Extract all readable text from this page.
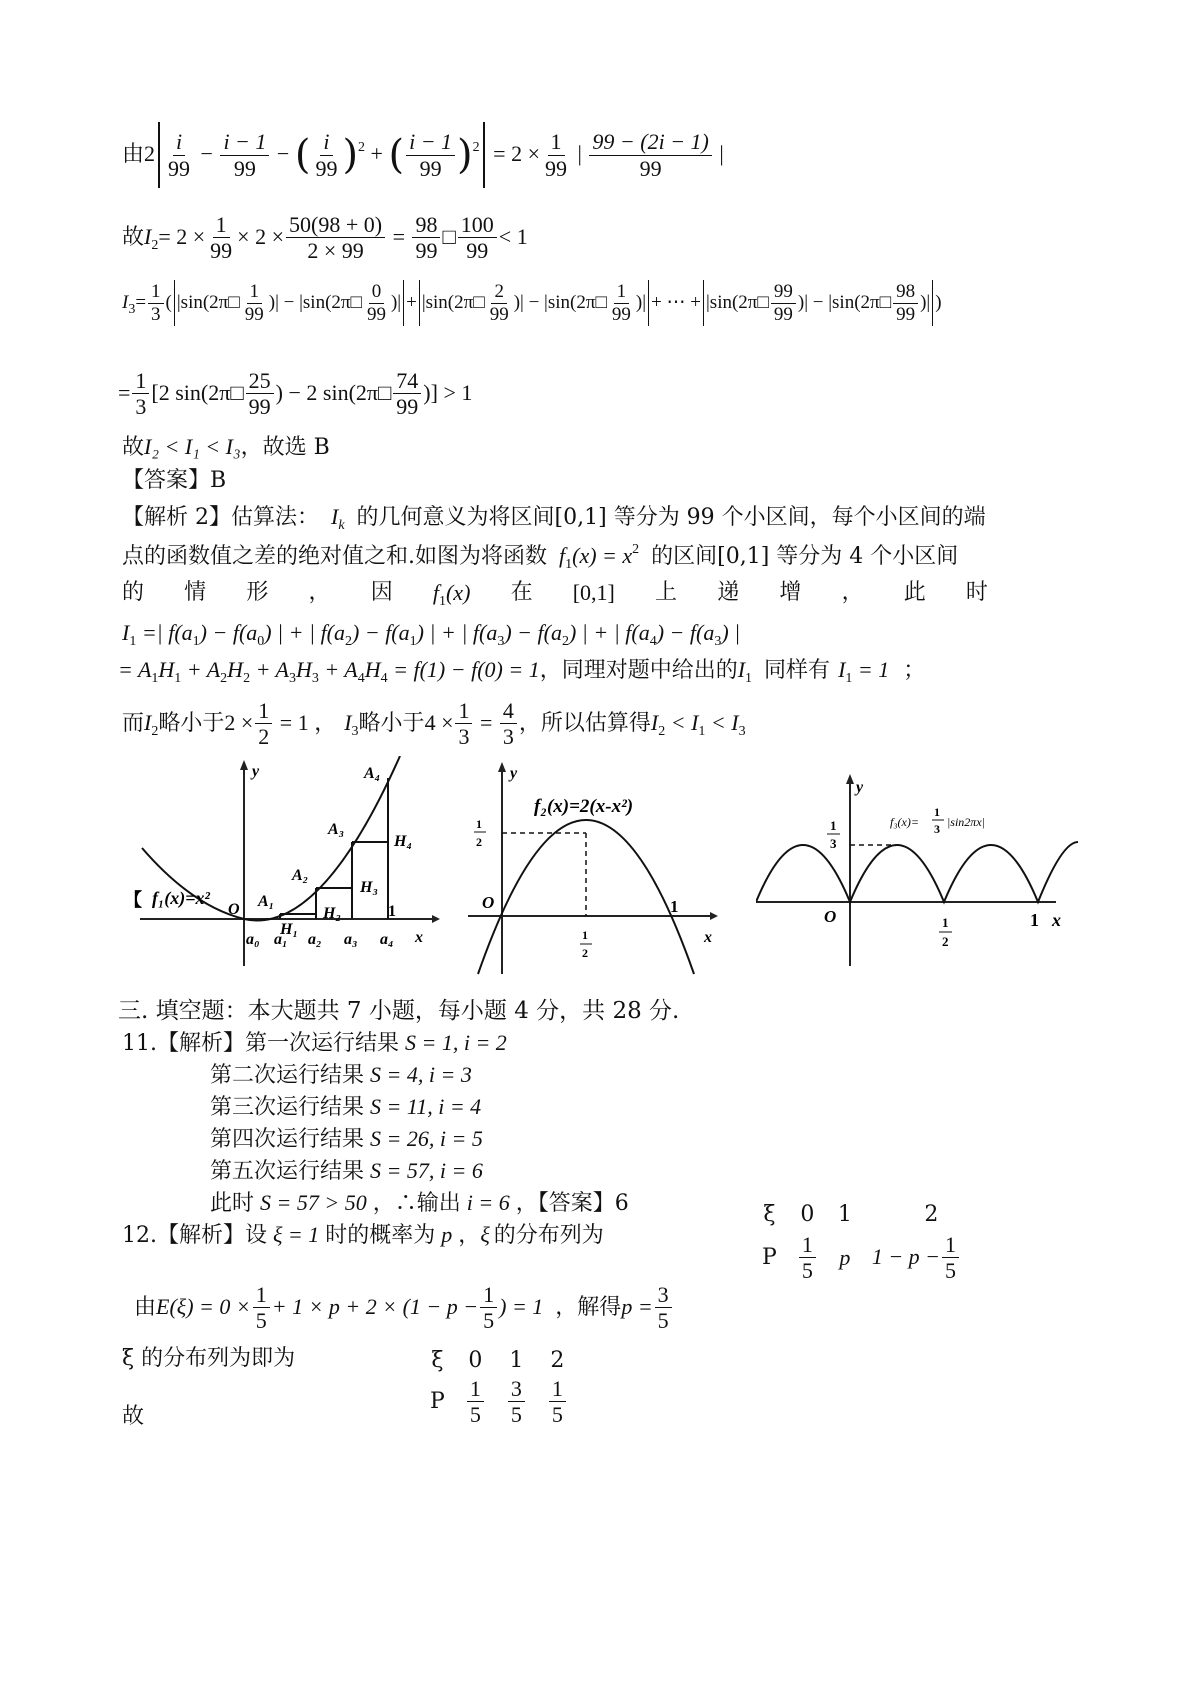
由$2 \frac{i}{99} - \frac{i - 1}{99}$ − ( $\frac{i}{99} )^2$ + ( $\frac{i - 1}{99} )^2 = 2 \times \frac{1}{99}$ | $\frac{99 - (2i - 1)}{99}$ |
故$I_2= 2 \times \frac{1}{99} \times 2 \times \frac{50(98 + 0)}{2 \times 99} = \frac{98}{99}$ □ $\frac{100}{99} < 1$
$I_3= \frac{1}{3}$ ( |sin(2π□ $\frac{1}{99}$ )| − |sin(2π□ $\frac{0}{99}$ )| + |sin(2π□ $\frac{2}{99}$ )| − |sin(2π□ $\frac{1}{99}$ )| + ⋯ + |sin(2π□ $\frac{99}{99}$ )| − |sin(2π□ $\frac{98}{99}$ )| )
= $\frac{1}{3} [2$ sin(2π□ $\frac{25}{99}$ ) − 2 sin(2π□ $\frac{74}{99}$ )] > 1
故I₂ < I₁ < I₃，故选 B
【答案】B
【解析 2】估算法： $I_k$ 的几何意义为将区间[0,1] 等分为 99 个小区间，每个小区间的端
点的函数值之差的绝对值之和.如图为将函数 $f_1(x) = x^2$ 的区间[0,1] 等分为 4 个小区间
的 情 形 ， 因 $f_1(x)$ 在 [0,1] 上 递 增 ， 此 时
$I_1$ =| $f(a_1) - f(a_0)$ | + | $f(a_2) - f(a_1)$ | + | $f(a_3) - f(a_2)$ | + | $f(a_4) - f(a_3)$ |
= $A_1H_1 + A_2H_2 + A_3H_3 + A_4H_4 = f(1) - f(0) = 1$，同理对题中给出的$I_1$ 同样有 $I_1 = 1$ ；
而$I_2$略小于$2 \times \frac{1}{2} = 1$ ， $I_3$略小于$4 \times \frac{1}{3} = \frac{4}{3}$ ，所以估算得$I_2 < I_1 < I_3$
【 f₁(x)=x²
y
x
O A₁
A₂
A₃
A₄
H₁
H₂
H₃
H₄
1
a₀ a₁ a₂ a₃ a₄
f₂(x)=2(x-x²)
y
x
O	1
1
2
1
2
y
x
O	1
1
3
1
2
f₃(x)=
1
3 |sin2πx|
三. 填空题：本大题共 7 小题，每小题 4 分，共 28 分.
11.【解析】第一次运行结果 S = 1, i = 2
第二次运行结果 S = 4, i = 3
第三次运行结果 S = 11, i = 4
第四次运行结果 S = 26, i = 5
第五次运行结果 S = 57, i = 6
此时 S = 57 > 50 ，∴输出 i = 6 ，【答案】6
12.【解析】设 ξ = 1 时的概率为 p ，ξ 的分布列为
由$E(\xi) = 0 \times \frac{1}{5} + 1 \times p + 2 \times (1 - p - \frac{1}{5}$ ) = 1 ，解得$p = \frac{3}{5}$
ξ 的分布列为即为
故
ξ	0	1	2
P	$\frac{1}{5}$	p	$1 - p - \frac{1}{5}$
ξ	0	1	2
P	$\frac{1}{5}$	$\frac{3}{5}$	$\frac{1}{5}$
